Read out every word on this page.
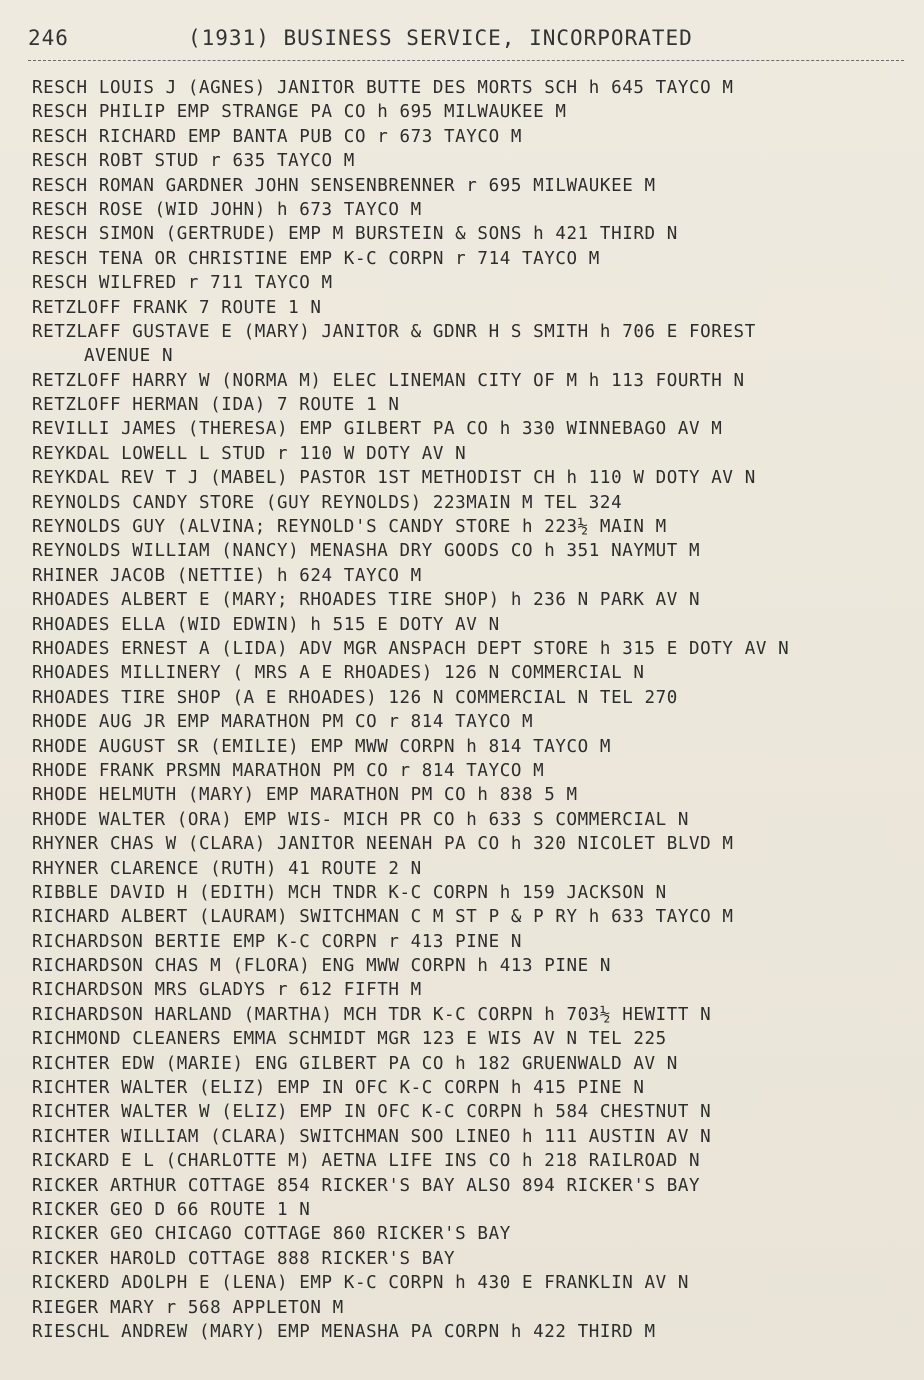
246	(1931) BUSINESS SERVICE, INCORPORATED
RESCH LOUIS J (AGNES) JANITOR BUTTE DES MORTS SCH h 645 TAYCO M
RESCH PHILIP EMP STRANGE PA CO h 695 MILWAUKEE M
RESCH RICHARD EMP BANTA PUB CO r 673 TAYCO M
RESCH ROBT STUD r 635 TAYCO M
RESCH ROMAN GARDNER JOHN SENSENBRENNER r 695 MILWAUKEE M
RESCH ROSE (WID JOHN) h 673 TAYCO M
RESCH SIMON (GERTRUDE) EMP M BURSTEIN & SONS h 421 THIRD N
RESCH TENA OR CHRISTINE EMP K-C CORPN r 714 TAYCO M
RESCH WILFRED r 711 TAYCO M
RETZLOFF FRANK 7 ROUTE 1 N
RETZLAFF GUSTAVE E (MARY) JANITOR & GDNR H S SMITH h 706 E FOREST
AVENUE N
RETZLOFF HARRY W (NORMA M) ELEC LINEMAN CITY OF M h 113 FOURTH N
RETZLOFF HERMAN (IDA) 7 ROUTE 1 N
REVILLI JAMES (THERESA) EMP GILBERT PA CO h 330 WINNEBAGO AV M
REYKDAL LOWELL L STUD r 110 W DOTY AV N
REYKDAL REV T J (MABEL) PASTOR 1ST METHODIST CH h 110 W DOTY AV N
REYNOLDS CANDY STORE (GUY REYNOLDS) 223MAIN M TEL 324
REYNOLDS GUY (ALVINA; REYNOLD'S CANDY STORE h 223½ MAIN M
REYNOLDS WILLIAM (NANCY) MENASHA DRY GOODS CO h 351 NAYMUT M
RHINER JACOB (NETTIE) h 624 TAYCO M
RHOADES ALBERT E (MARY; RHOADES TIRE SHOP) h 236 N PARK AV N
RHOADES ELLA (WID EDWIN) h 515 E DOTY AV N
RHOADES ERNEST A (LIDA) ADV MGR ANSPACH DEPT STORE h 315 E DOTY AV N
RHOADES MILLINERY ( MRS A E RHOADES) 126 N COMMERCIAL N
RHOADES TIRE SHOP (A E RHOADES) 126 N COMMERCIAL N TEL 270
RHODE AUG JR EMP MARATHON PM CO r 814 TAYCO M
RHODE AUGUST SR (EMILIE) EMP MWW CORPN h 814 TAYCO M
RHODE FRANK PRSMN MARATHON PM CO r 814 TAYCO M
RHODE HELMUTH (MARY) EMP MARATHON PM CO h 838 5 M
RHODE WALTER (ORA) EMP WIS- MICH PR CO h 633 S COMMERCIAL N
RHYNER CHAS W (CLARA) JANITOR NEENAH PA CO h 320 NICOLET BLVD M
RHYNER CLARENCE (RUTH) 41 ROUTE 2 N
RIBBLE DAVID H (EDITH) MCH TNDR K-C CORPN h 159 JACKSON N
RICHARD ALBERT (LAURAM) SWITCHMAN C M ST P & P RY h 633 TAYCO M
RICHARDSON BERTIE EMP K-C CORPN r 413 PINE N
RICHARDSON CHAS M (FLORA) ENG MWW CORPN h 413 PINE N
RICHARDSON MRS GLADYS r 612 FIFTH M
RICHARDSON HARLAND (MARTHA) MCH TDR K-C CORPN h 703½ HEWITT N
RICHMOND CLEANERS EMMA SCHMIDT MGR 123 E WIS AV N TEL 225
RICHTER EDW (MARIE) ENG GILBERT PA CO h 182 GRUENWALD AV N
RICHTER WALTER (ELIZ) EMP IN OFC K-C CORPN h 415 PINE N
RICHTER WALTER W (ELIZ) EMP IN OFC K-C CORPN h 584 CHESTNUT N
RICHTER WILLIAM (CLARA) SWITCHMAN SOO LINEO h 111 AUSTIN AV N
RICKARD E L (CHARLOTTE M) AETNA LIFE INS CO h 218 RAILROAD N
RICKER ARTHUR COTTAGE 854 RICKER'S BAY ALSO 894 RICKER'S BAY
RICKER GEO D 66 ROUTE 1 N
RICKER GEO CHICAGO COTTAGE 860 RICKER'S BAY
RICKER HAROLD COTTAGE 888 RICKER'S BAY
RICKERD ADOLPH E (LENA) EMP K-C CORPN h 430 E FRANKLIN AV N
RIEGER MARY r 568 APPLETON M
RIESCHL ANDREW (MARY) EMP MENASHA PA CORPN h 422 THIRD M
